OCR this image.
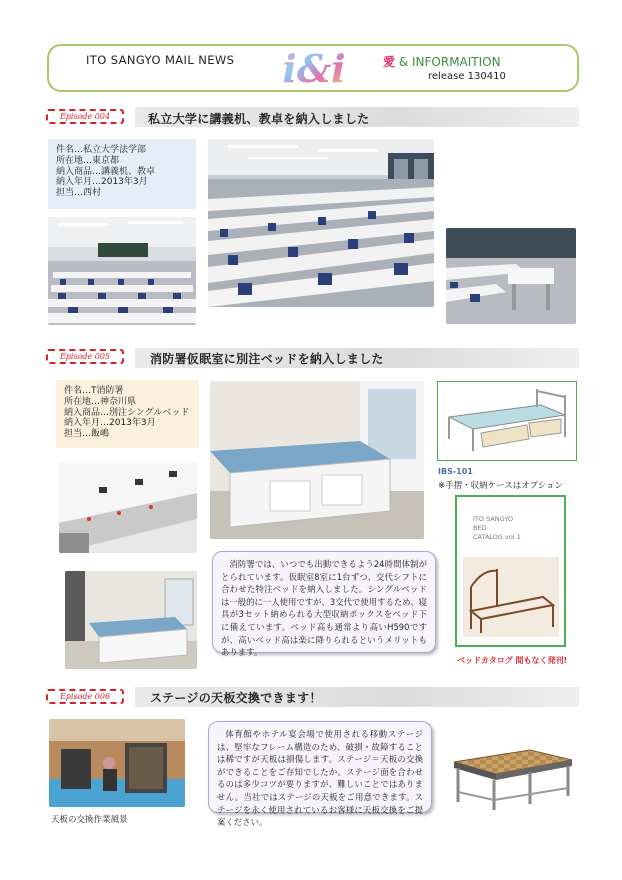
ITO SANGYO MAIL NEWS i&i	愛 & INFORMAITION
release 130410
Episode 004	私立大学に講義机、教卓を納入しました
件名…私立大学法学部
所在地…東京都
納入商品…講義机、教卓
納入年月…2013年3月
担当…西村
Episode 005	消防署仮眠室に別注ベッドを納入しました
件名…T消防署
所在地…神奈川県
納入商品…別注シングルベッド
納入年月…2013年3月
担当…飯嶋
IBS-101
※手摺・収納ケースはオプション
ITO SANGYO
BED
CATALOG vol.1
ベッドカタログ 間もなく発刊!
消防署では、いつでも出動できるよう24時間体制がとられています。仮眠室8室に1台ずつ、交代シフトに合わせた特注ベッドを納入しました。シングルベッドは一般的に一人使用ですが、3交代で使用するため、寝具が3セット納められる大型収納ボックスをベッド下に備えています。ベッド高も通常より高いH590ですが、高いベッド高は楽に降りられるというメリットもあります。
Episode 006	ステージの天板交換できます！
天板の交換作業風景
体育館やホテル宴会場で使用される移動ステージは、堅牢なフレーム構造のため、破損・故障することは稀ですが天板は損傷します。ステージ＝天板の交換ができることをご存知でしたか。ステージ面を合わせるのは多少コツが要りますが、難しいことではありません。当社ではステージの天板をご用意できます。ステージを永く使用されているお客様に天板交換をご提案ください。
